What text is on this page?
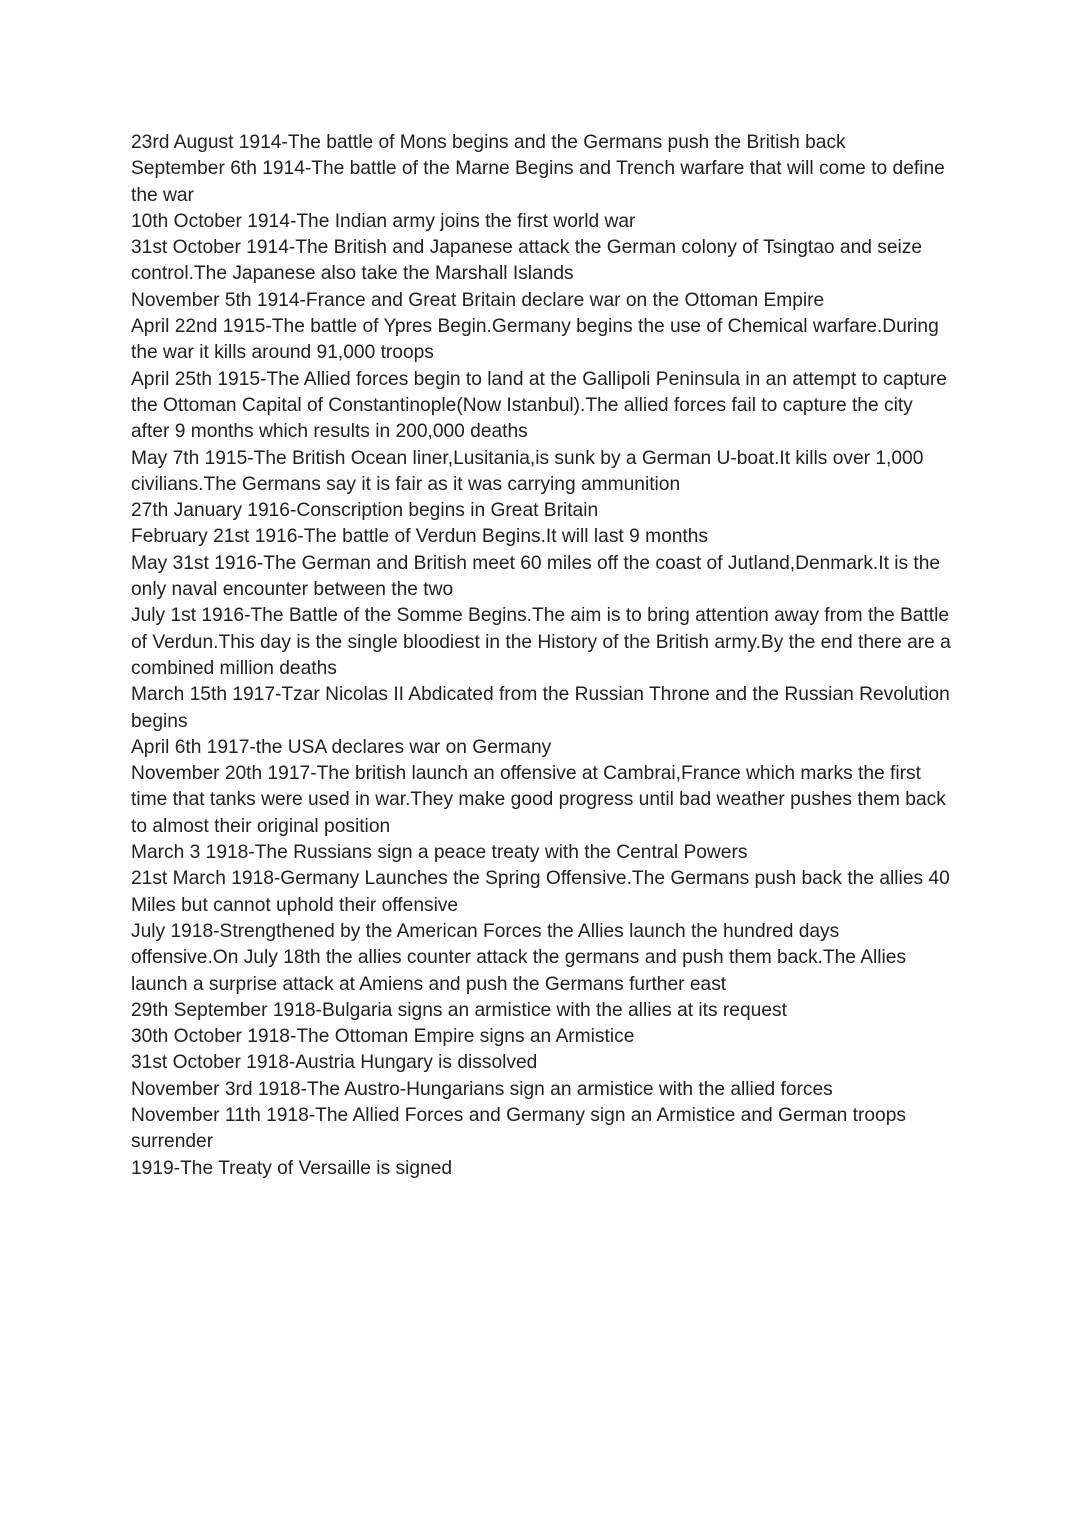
23rd August 1914-The battle of Mons begins and the Germans push the British back

September 6th 1914-The battle of the Marne Begins and Trench warfare that will come to define the war

10th October 1914-The Indian army joins the first world war

31st October 1914-The British and Japanese attack the German colony of Tsingtao and seize control.The Japanese also take the Marshall Islands

November 5th 1914-France and Great Britain declare war on the Ottoman Empire

April 22nd 1915-The battle of Ypres Begin.Germany begins the use of Chemical warfare.During the war it kills around 91,000 troops

April 25th 1915-The Allied forces begin to land at the Gallipoli Peninsula in an attempt to capture the Ottoman Capital of Constantinople(Now Istanbul).The allied forces fail to capture the city after 9 months which results in 200,000 deaths

May 7th 1915-The British Ocean liner,Lusitania,is sunk by a German U-boat.It kills over 1,000 civilians.The Germans say it is fair as it was carrying ammunition

27th January 1916-Conscription begins in Great Britain

February 21st 1916-The battle of Verdun Begins.It will last 9 months

May 31st 1916-The German and British meet 60 miles off the coast of Jutland,Denmark.It is the only naval encounter between the two

July 1st 1916-The Battle of the Somme Begins.The aim is to bring attention away from the Battle of Verdun.This day is the single bloodiest in the History of the British army.By the end there are a combined million deaths

March 15th 1917-Tzar Nicolas II Abdicated from the Russian Throne and the Russian Revolution begins

April 6th 1917-the USA declares war on Germany

November 20th 1917-The british launch an offensive at Cambrai,France which marks the first time that tanks were used in war.They make good progress until bad weather pushes them back to almost their original position

March 3 1918-The Russians sign a peace treaty with the Central Powers

21st March 1918-Germany Launches the Spring Offensive.The Germans push back the allies 40 Miles but cannot uphold their offensive

July 1918-Strengthened by the American Forces the Allies launch the hundred days offensive.On July 18th the allies counter attack the germans and push them back.The Allies launch a surprise attack at Amiens and push the Germans further east

29th September 1918-Bulgaria signs an armistice with the allies at its request

30th October 1918-The Ottoman Empire signs an Armistice

31st October 1918-Austria Hungary is dissolved

November 3rd 1918-The Austro-Hungarians sign an armistice with the allied forces

November 11th 1918-The Allied Forces and Germany sign an Armistice and German troops surrender

1919-The Treaty of Versaille is signed
